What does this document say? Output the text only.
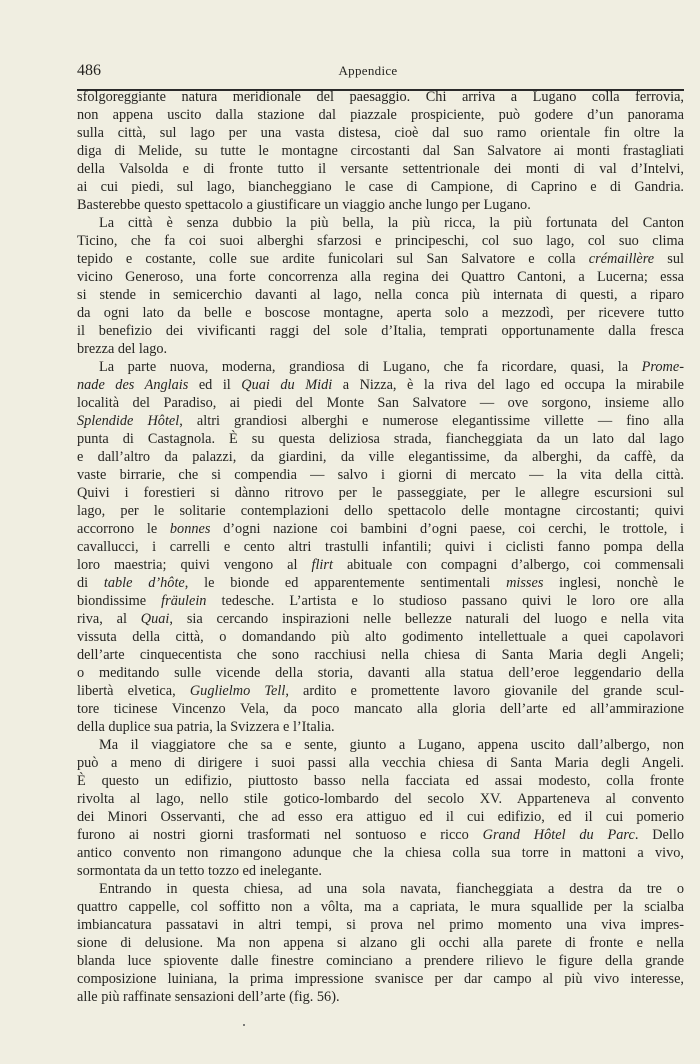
486	Appendice
sfolgoreggiante natura meridionale del paesaggio. Chi arriva a Lugano colla ferrovia,
non appena uscito dalla stazione dal piazzale prospiciente, può godere d’un panorama
sulla città, sul lago per una vasta distesa, cioè dal suo ramo orientale fin oltre la
diga di Melide, su tutte le montagne circostanti dal San Salvatore ai monti frastagliati
della Valsolda e di fronte tutto il versante settentrionale dei monti di val d’Intelvi,
ai cui piedi, sul lago, biancheggiano le case di Campione, di Caprino e di Gandria.
Basterebbe questo spettacolo a giustificare un viaggio anche lungo per Lugano.
La città è senza dubbio la più bella, la più ricca, la più fortunata del Canton
Ticino, che fa coi suoi alberghi sfarzosi e principeschi, col suo lago, col suo clima
tepido e costante, colle sue ardite funicolari sul San Salvatore e colla crémaillère sul
vicino Generoso, una forte concorrenza alla regina dei Quattro Cantoni, a Lucerna; essa
si stende in semicerchio davanti al lago, nella conca più internata di questi, a riparo
da ogni lato da belle e boscose montagne, aperta solo a mezzodì, per ricevere tutto
il benefizio dei vivificanti raggi del sole d’Italia, temprati opportunamente dalla fresca
brezza del lago.
La parte nuova, moderna, grandiosa di Lugano, che fa ricordare, quasi, la Prome-
nade des Anglais ed il Quai du Midi a Nizza, è la riva del lago ed occupa la mirabile
località del Paradiso, ai piedi del Monte San Salvatore — ove sorgono, insieme allo
Splendide Hôtel, altri grandiosi alberghi e numerose elegantissime villette — fino alla
punta di Castagnola. È su questa deliziosa strada, fiancheggiata da un lato dal lago
e dall’altro da palazzi, da giardini, da ville elegantissime, da alberghi, da caffè, da
vaste birrarie, che si compendia — salvo i giorni di mercato — la vita della città.
Quivi i forestieri si dànno ritrovo per le passeggiate, per le allegre escursioni sul
lago, per le solitarie contemplazioni dello spettacolo delle montagne circostanti; quivi
accorrono le bonnes d’ogni nazione coi bambini d’ogni paese, coi cerchi, le trottole, i
cavallucci, i carrelli e cento altri trastulli infantili; quivi i ciclisti fanno pompa della
loro maestria; quivi vengono al flirt abituale con compagni d’albergo, coi commensali
di table d’hôte, le bionde ed apparentemente sentimentali misses inglesi, nonchè le
biondissime fräulein tedesche. L’artista e lo studioso passano quivi le loro ore alla
riva, al Quai, sia cercando inspirazioni nelle bellezze naturali del luogo e nella vita
vissuta della città, o domandando più alto godimento intellettuale a quei capolavori
dell’arte cinquecentista che sono racchiusi nella chiesa di Santa Maria degli Angeli;
o meditando sulle vicende della storia, davanti alla statua dell’eroe leggendario della
libertà elvetica, Guglielmo Tell, ardito e promettente lavoro giovanile del grande scul-
tore ticinese Vincenzo Vela, da poco mancato alla gloria dell’arte ed all’ammirazione
della duplice sua patria, la Svizzera e l’Italia.
Ma il viaggiatore che sa e sente, giunto a Lugano, appena uscito dall’albergo, non
può a meno di dirigere i suoi passi alla vecchia chiesa di Santa Maria degli Angeli.
È questo un edifizio, piuttosto basso nella facciata ed assai modesto, colla fronte
rivolta al lago, nello stile gotico-lombardo del secolo XV. Apparteneva al convento
dei Minori Osservanti, che ad esso era attiguo ed il cui edifizio, ed il cui pomerio
furono ai nostri giorni trasformati nel sontuoso e ricco Grand Hôtel du Parc. Dello
antico convento non rimangono adunque che la chiesa colla sua torre in mattoni a vivo,
sormontata da un tetto tozzo ed inelegante.
Entrando in questa chiesa, ad una sola navata, fiancheggiata a destra da tre o
quattro cappelle, col soffitto non a vôlta, ma a capriata, le mura squallide per la scialba
imbiancatura passatavi in altri tempi, si prova nel primo momento una viva impres-
sione di delusione. Ma non appena si alzano gli occhi alla parete di fronte e nella
blanda luce spiovente dalle finestre cominciano a prendere rilievo le figure della grande
composizione luiniana, la prima impressione svanisce per dar campo al più vivo interesse,
alle più raffinate sensazioni dell’arte (fig. 56).
